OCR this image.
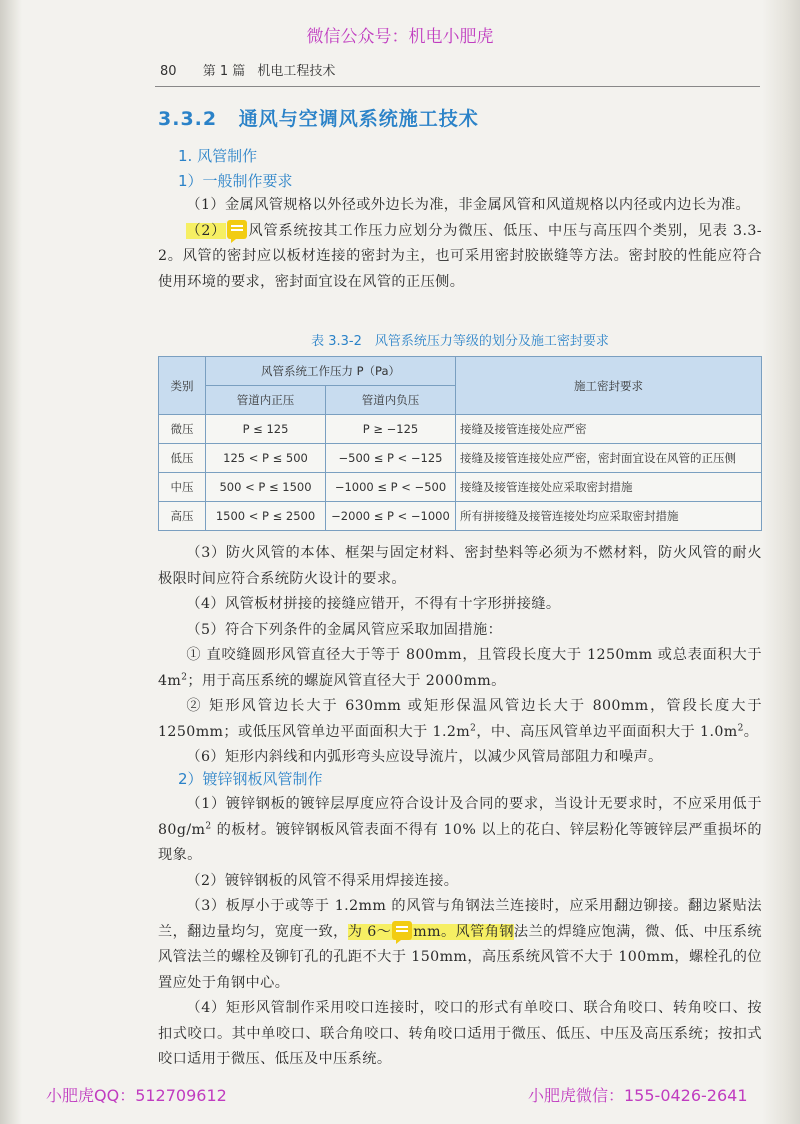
微信公众号：机电小肥虎
80 第 1 篇 机电工程技术
3.3.2 通风与空调风系统施工技术
1. 风管制作
1）一般制作要求

（1）金属风管规格以外径或外边长为准，非金属风管和风道规格以内径或内边长为准。

（2） 风管系统按其工作压力应划分为微压、低压、中压与高压四个类别，见表 3.3-2。风管的密封应以板材连接的密封为主，也可采用密封胶嵌缝等方法。密封胶的性能应符合使用环境的要求，密封面宜设在风管的正压侧。

表 3.3-2　风管系统压力等级的划分及施工密封要求
类别	风管系统工作压力 P（Pa）		施工密封要求
	管道内正压	管道内负压	
微压	P ≤ 125	P ≥ −125	接缝及接管连接处应严密
低压	125 < P ≤ 500	−500 ≤ P < −125	接缝及接管连接处应严密，密封面宜设在风管的正压侧
中压	500 < P ≤ 1500	−1000 ≤ P < −500	接缝及接管连接处应采取密封措施
高压	1500 < P ≤ 2500	−2000 ≤ P < −1000	所有拼接缝及接管连接处均应采取密封措施

（3）防火风管的本体、框架与固定材料、密封垫料等必须为不燃材料，防火风管的耐火极限时间应符合系统防火设计的要求。

（4）风管板材拼接的接缝应错开，不得有十字形拼接缝。

（5）符合下列条件的金属风管应采取加固措施：

① 直咬缝圆形风管直径大于等于 800mm，且管段长度大于 1250mm 或总表面积大于 $4m^2$；用于高压系统的螺旋风管直径大于 2000mm。

② 矩形风管边长大于 630mm 或矩形保温风管边长大于 800mm，管段长度大于 1250mm；或低压风管单边平面面积大于 $1.2m^2$，中、高压风管单边平面面积大于 $1.0m^2$。

（6）矩形内斜线和内弧形弯头应设导流片，以减少风管局部阻力和噪声。

2）镀锌钢板风管制作

（1）镀锌钢板的镀锌层厚度应符合设计及合同的要求，当设计无要求时，不应采用低于 $80g/m^2$ 的板材。镀锌钢板风管表面不得有 10% 以上的花白、锌层粉化等镀锌层严重损坏的现象。

（2）镀锌钢板的风管不得采用焊接连接。

（3）板厚小于或等于 1.2mm 的风管与角钢法兰连接时，应采用翻边铆接。翻边紧贴法兰，翻边量均匀，宽度一致，为 6～ mm。风管角钢法兰的焊缝应饱满，微、低、中压系统风管法兰的螺栓及铆钉孔的孔距不大于 150mm，高压系统风管不大于 100mm，螺栓孔的位置应处于角钢中心。

（4）矩形风管制作采用咬口连接时，咬口的形式有单咬口、联合角咬口、转角咬口、按扣式咬口。其中单咬口、联合角咬口、转角咬口适用于微压、低压、中压及高压系统；按扣式咬口适用于微压、低压及中压系统。

小肥虎QQ：512709612	小肥虎微信：155-0426-2641
